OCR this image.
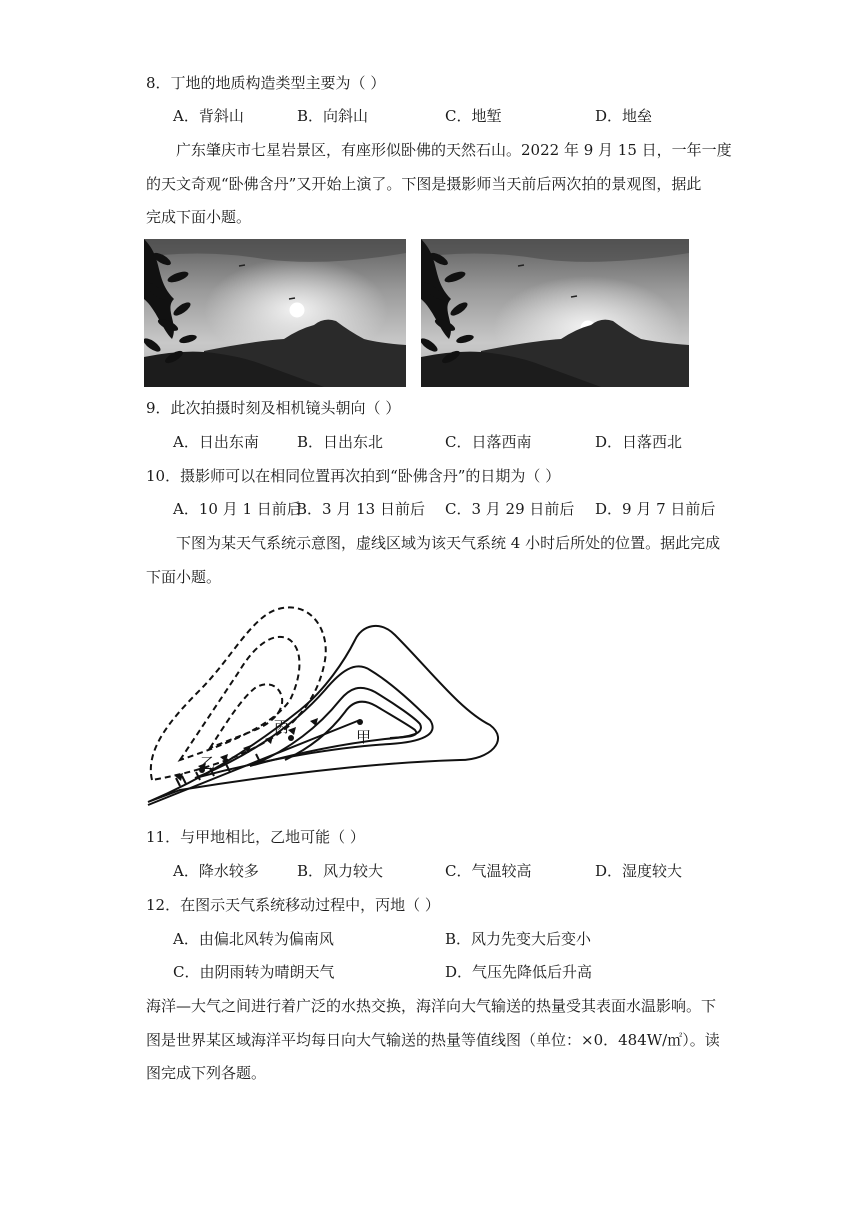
8．丁地的地质构造类型主要为（ ）
A．背斜山	B．向斜山	C．地堑	D．地垒
广东肇庆市七星岩景区，有座形似卧佛的天然石山。2022 年 9 月 15 日，一年一度
的天文奇观“卧佛含丹”又开始上演了。下图是摄影师当天前后两次拍的景观图，据此
完成下面小题。
9．此次拍摄时刻及相机镜头朝向（ ）
A．日出东南	B．日出东北	C．日落西南	D．日落西北
10．摄影师可以在相同位置再次拍到“卧佛含丹”的日期为（ ）
A．10 月 1 日前后
B．3 月 13 日前后 C．3 月 29 日前后 D．9 月 7 日前后
下图为某天气系统示意图，虚线区域为该天气系统 4 小时后所处的位置。据此完成
下面小题。
甲
丙
乙
11．与甲地相比，乙地可能（ ）
A．降水较多	B．风力较大	C．气温较高	D．湿度较大
12．在图示天气系统移动过程中，丙地（ ）
A．由偏北风转为偏南风	B．风力先变大后变小
C．由阴雨转为晴朗天气	D．气压先降低后升高
海洋—大气之间进行着广泛的水热交换，海洋向大气输送的热量受其表面水温影响。下
图是世界某区域海洋平均每日向大气输送的热量等值线图（单位：×0．484W/㎡）。读
图完成下列各题。
